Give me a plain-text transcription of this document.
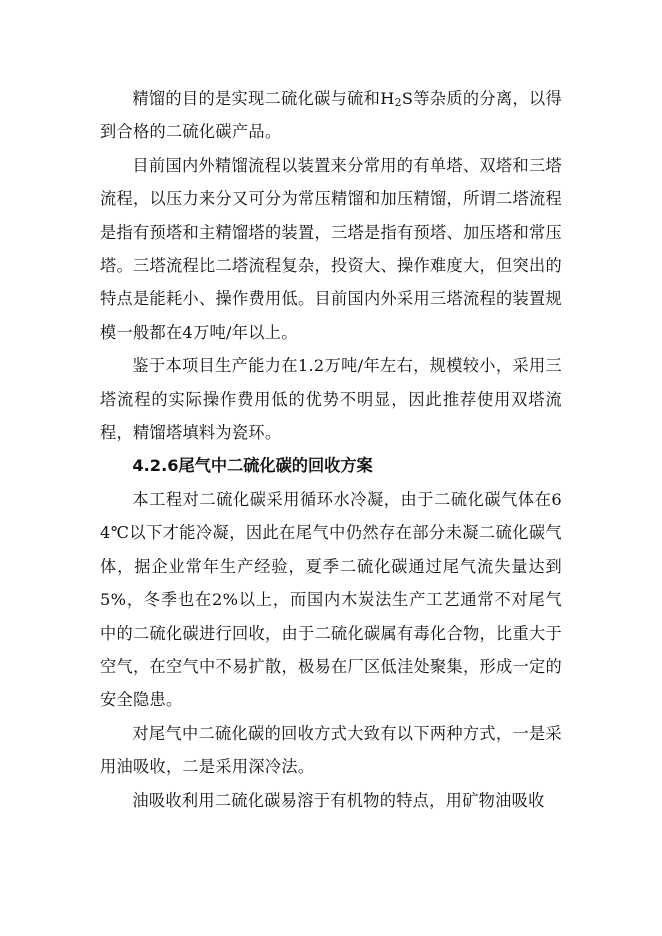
精馏的目的是实现二硫化碳与硫和$H_2S$等杂质的分离，以得到合格的二硫化碳产品。

目前国内外精馏流程以装置来分常用的有单塔、双塔和三塔流程，以压力来分又可分为常压精馏和加压精馏，所谓二塔流程是指有预塔和主精馏塔的装置，三塔是指有预塔、加压塔和常压塔。三塔流程比二塔流程复杂，投资大、操作难度大，但突出的特点是能耗小、操作费用低。目前国内外采用三塔流程的装置规模一般都在4万吨/年以上。

鉴于本项目生产能力在1.2万吨/年左右，规模较小，采用三塔流程的实际操作费用低的优势不明显，因此推荐使用双塔流程，精馏塔填料为瓷环。

4.2.6尾气中二硫化碳的回收方案

本工程对二硫化碳采用循环水冷凝，由于二硫化碳气体在64℃以下才能冷凝，因此在尾气中仍然存在部分未凝二硫化碳气体，据企业常年生产经验，夏季二硫化碳通过尾气流失量达到5%，冬季也在2%以上，而国内木炭法生产工艺通常不对尾气中的二硫化碳进行回收，由于二硫化碳属有毒化合物，比重大于空气，在空气中不易扩散，极易在厂区低洼处聚集，形成一定的安全隐患。

对尾气中二硫化碳的回收方式大致有以下两种方式，一是采用油吸收，二是采用深冷法。

油吸收利用二硫化碳易溶于有机物的特点，用矿物油吸收
